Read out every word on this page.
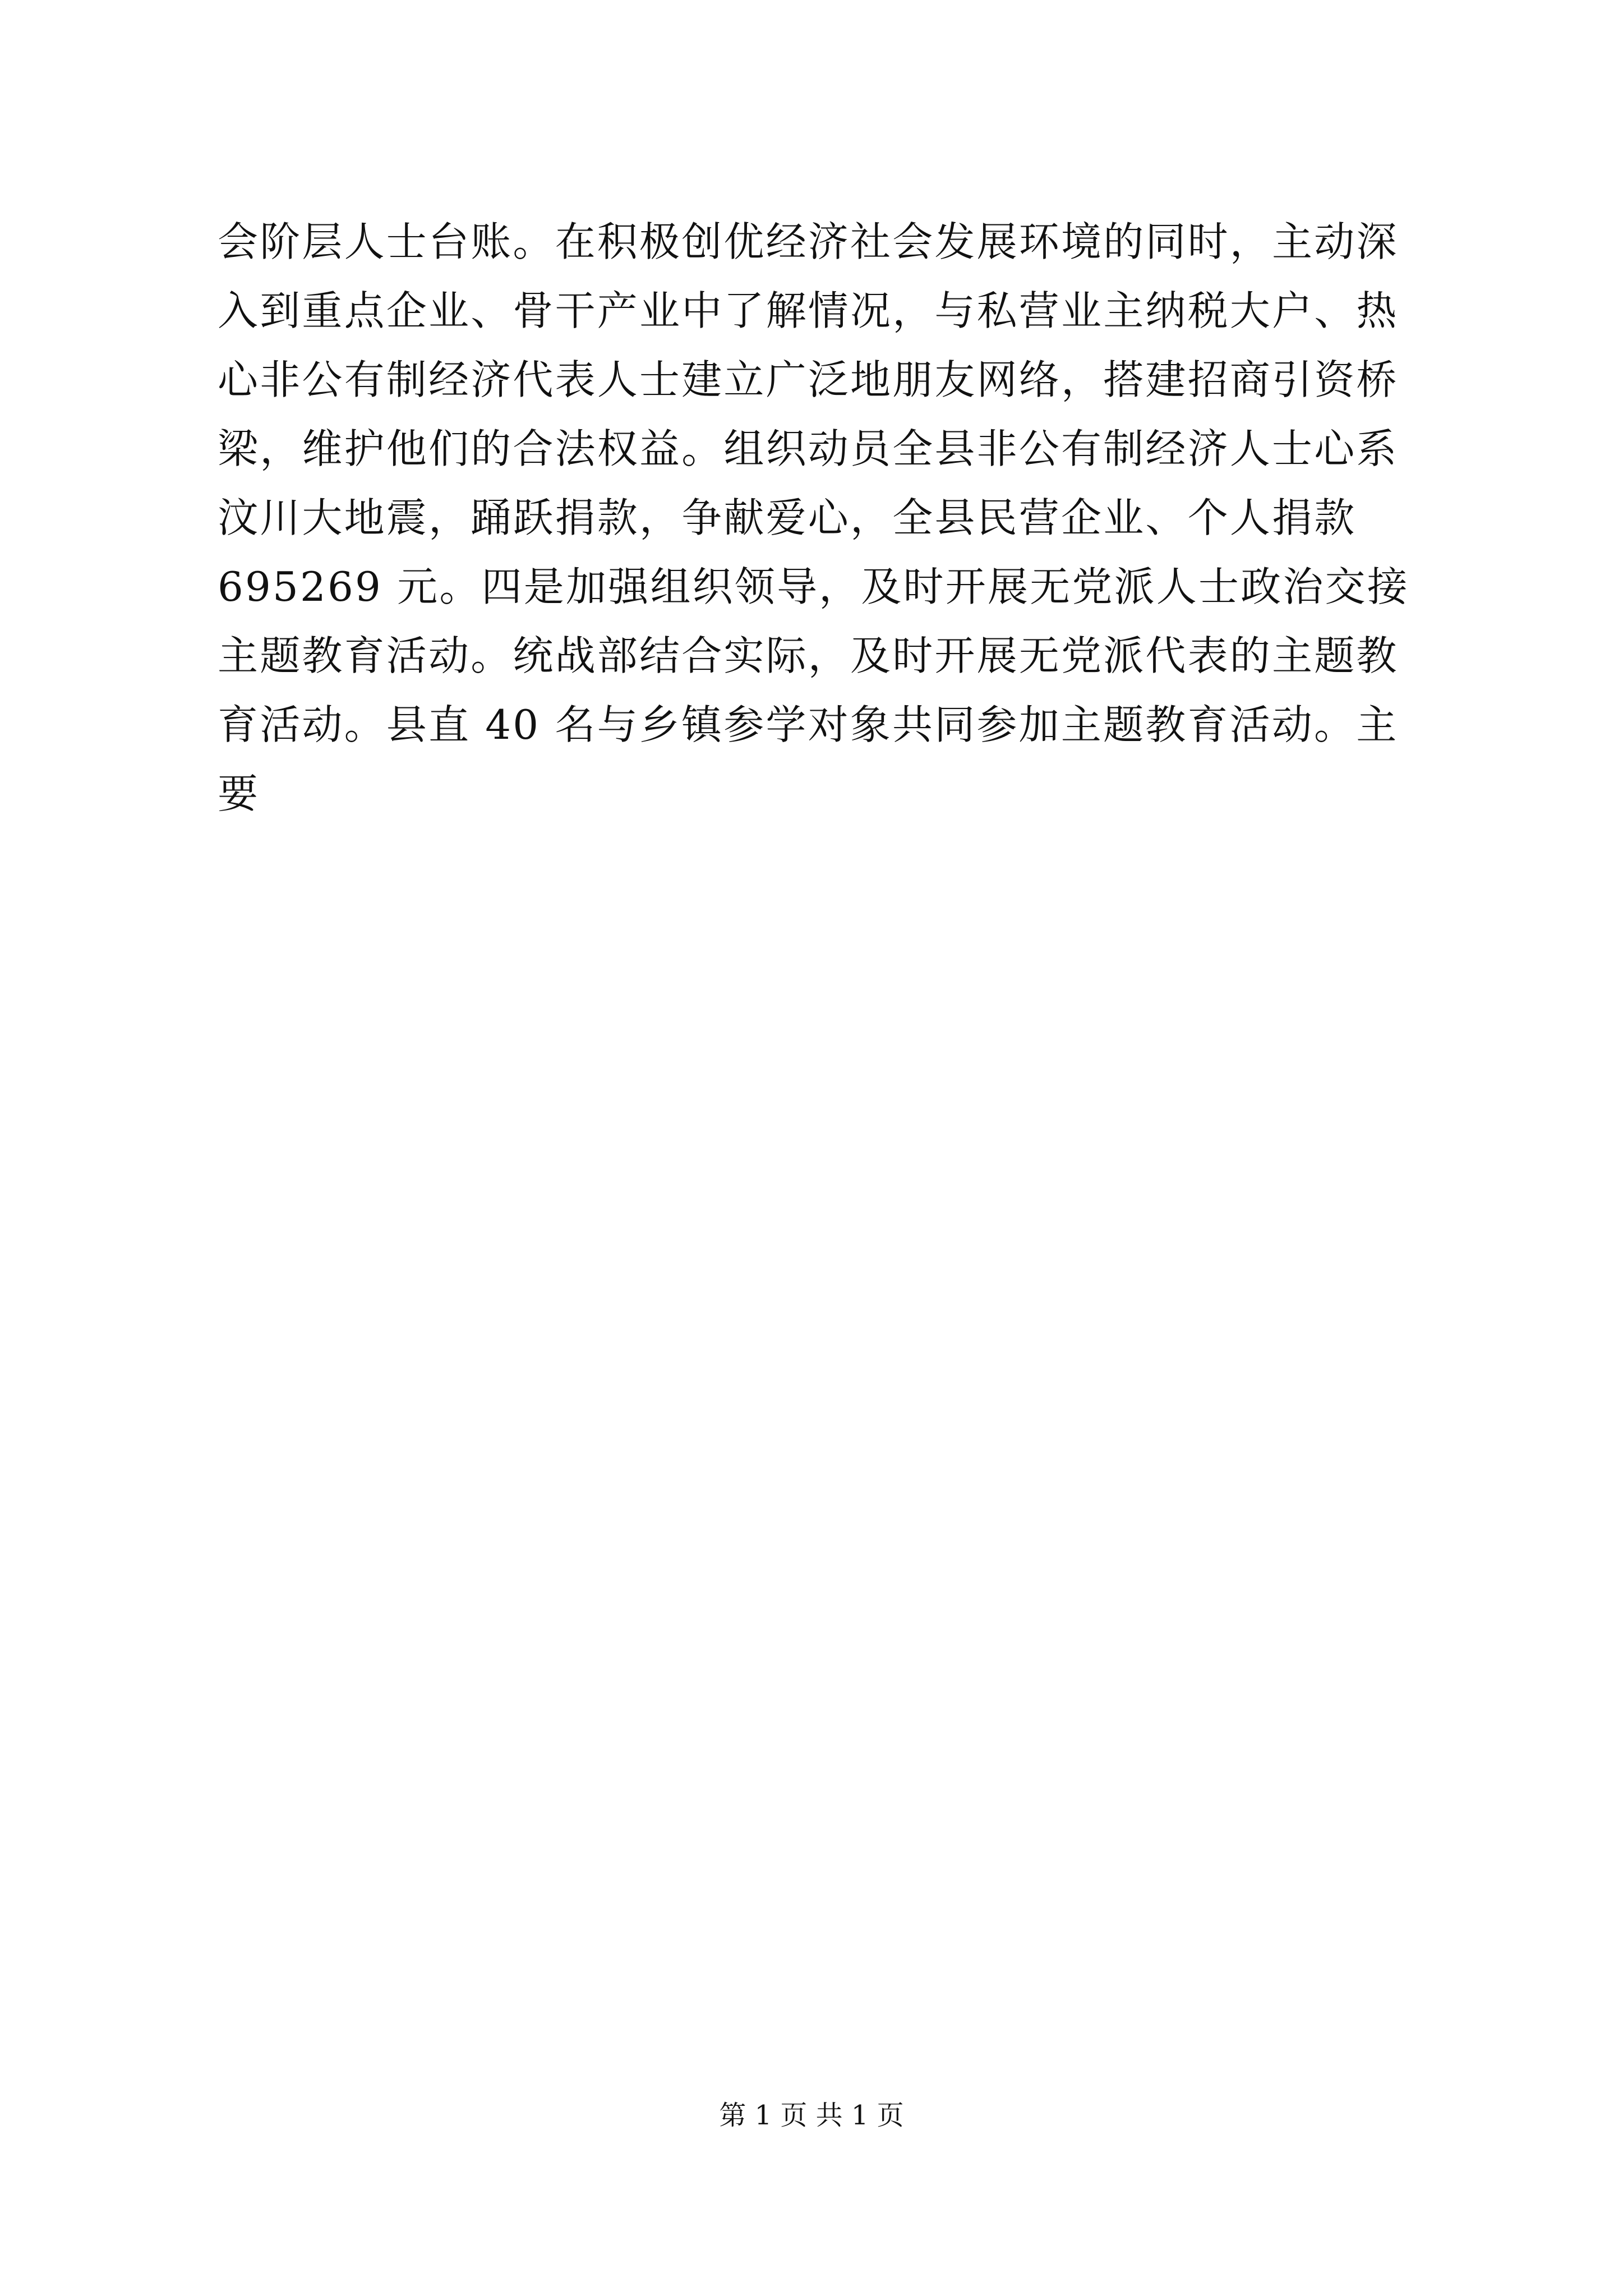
会阶层人士台账。在积极创优经济社会发展环境的同时，主动深
入到重点企业、骨干产业中了解情况，与私营业主纳税大户、热
心非公有制经济代表人士建立广泛地朋友网络，搭建招商引资桥
梁，维护他们的合法权益。组织动员全县非公有制经济人士心系
汶川大地震，踊跃捐款，争献爱心，全县民营企业、个人捐款
695269 元。四是加强组织领导，及时开展无党派人士政治交接
主题教育活动。统战部结合实际，及时开展无党派代表的主题教
育活动。县直 40 名与乡镇参学对象共同参加主题教育活动。主
要
第 1 页 共 1 页
